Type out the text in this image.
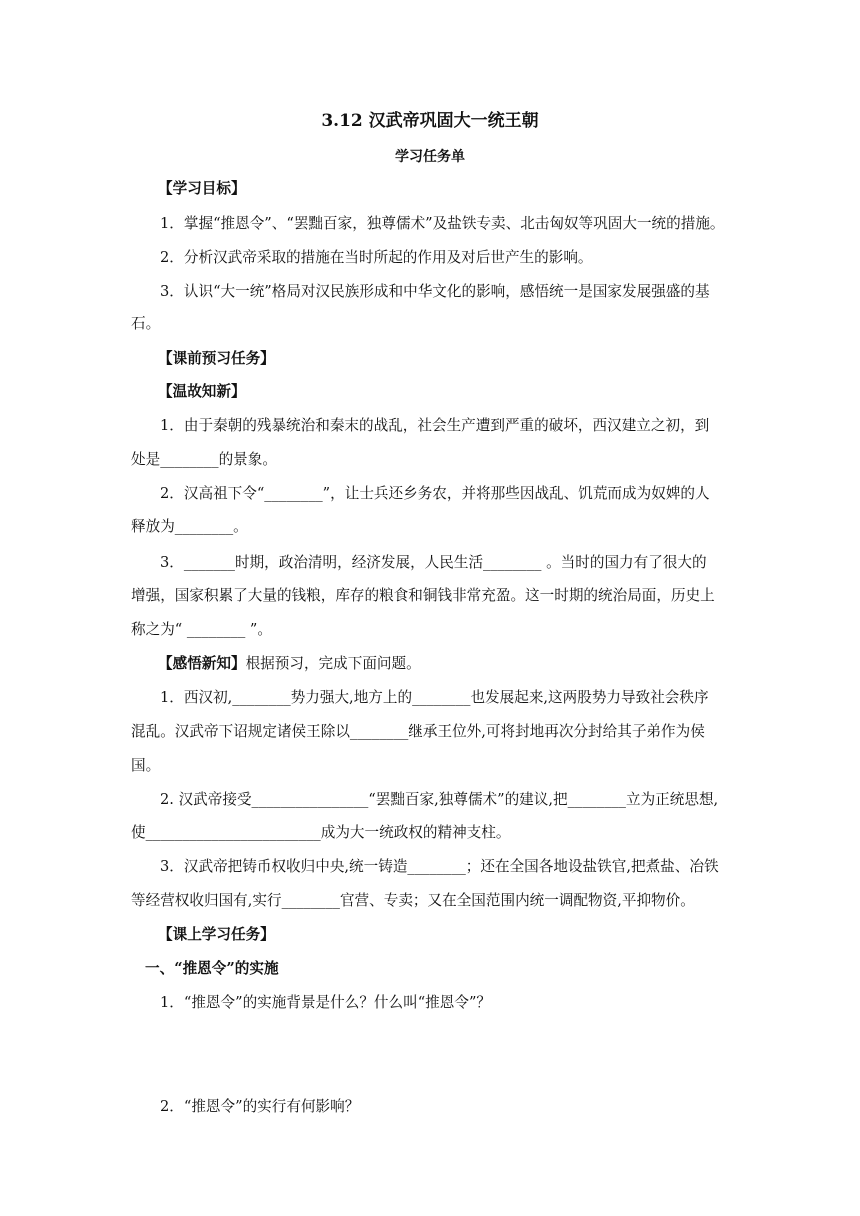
3.12 汉武帝巩固大一统王朝
学习任务单
【学习目标】
1．掌握“推恩令”、“罢黜百家，独尊儒术”及盐铁专卖、北击匈奴等巩固大一统的措施。
2．分析汉武帝采取的措施在当时所起的作用及对后世产生的影响。
3．认识“大一统”格局对汉民族形成和中华文化的影响，感悟统一是国家发展强盛的基
石。
【课前预习任务】
【温故知新】
1．由于秦朝的残暴统治和秦末的战乱，社会生产遭到严重的破坏，西汉建立之初，到
处是________的景象。
2．汉高祖下令“________”，让士兵还乡务农，并将那些因战乱、饥荒而成为奴婢的人
释放为________。
3．_______时期，政治清明，经济发展，人民生活________ 。当时的国力有了很大的
增强，国家积累了大量的钱粮，库存的粮食和铜钱非常充盈。这一时期的统治局面，历史上
称之为“ ________ ”。
【感悟新知】根据预习，完成下面问题。
1．西汉初,________势力强大,地方上的________也发展起来,这两股势力导致社会秩序
混乱。汉武帝下诏规定诸侯王除以________继承王位外,可将封地再次分封给其子弟作为侯
国。
2. 汉武帝接受________________“罢黜百家,独尊儒术”的建议,把________立为正统思想,
使________________________成为大一统政权的精神支柱。
3．汉武帝把铸币权收归中央,统一铸造________；还在全国各地设盐铁官,把煮盐、冶铁
等经营权收归国有,实行________官营、专卖；又在全国范围内统一调配物资,平抑物价。
【课上学习任务】
一、“推恩令”的实施
1．“推恩令”的实施背景是什么？什么叫“推恩令”？
2．“推恩令”的实行有何影响？
